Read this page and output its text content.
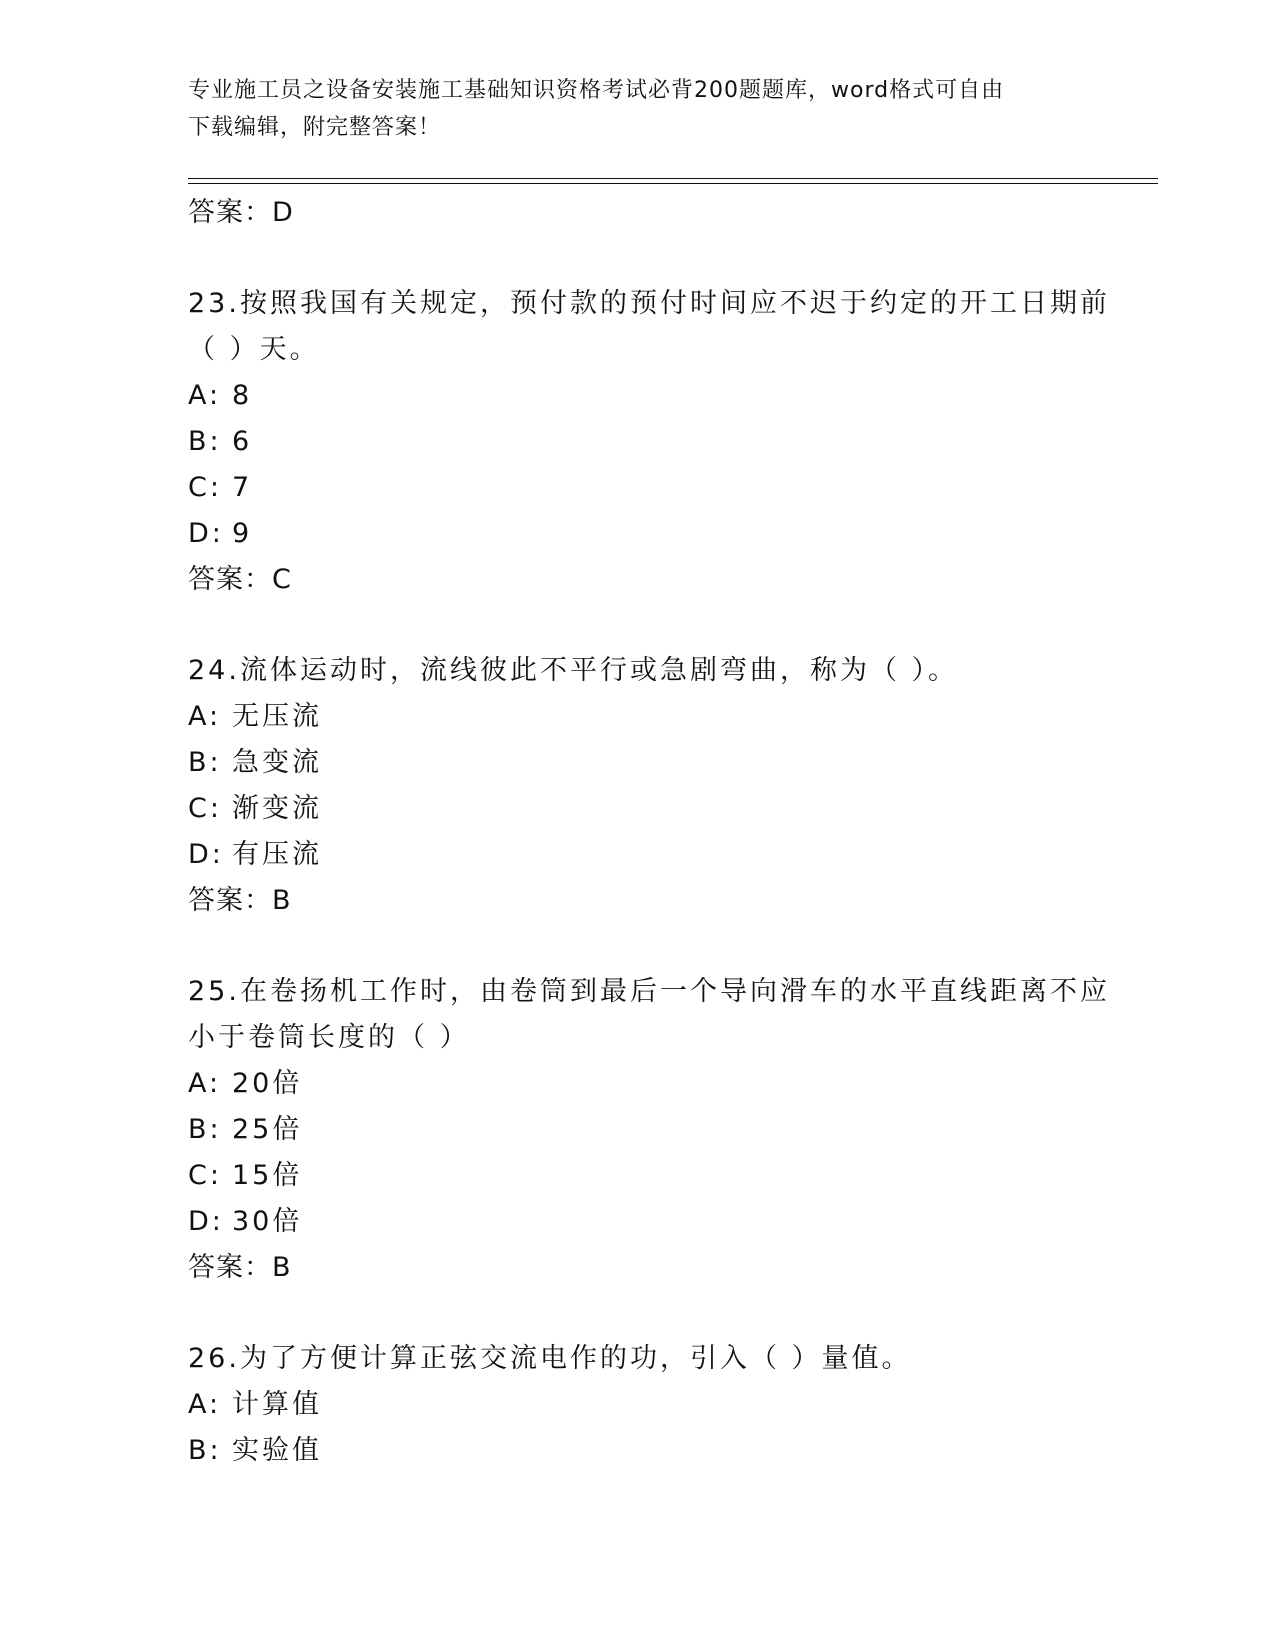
专业施工员之设备安装施工基础知识资格考试必背200题题库，word格式可自由
下载编辑，附完整答案！
答案：D
23.按照我国有关规定，预付款的预付时间应不迟于约定的开工日期前
（ ）天。
A: 8
B: 6
C: 7
D: 9
答案：C
24.流体运动时，流线彼此不平行或急剧弯曲，称为（ ）。
A: 无压流
B: 急变流
C: 渐变流
D: 有压流
答案：B
25.在卷扬机工作时，由卷筒到最后一个导向滑车的水平直线距离不应
小于卷筒长度的（ ）
A: 20倍
B: 25倍
C: 15倍
D: 30倍
答案：B
26.为了方便计算正弦交流电作的功，引入（ ）量值。
A: 计算值
B: 实验值
